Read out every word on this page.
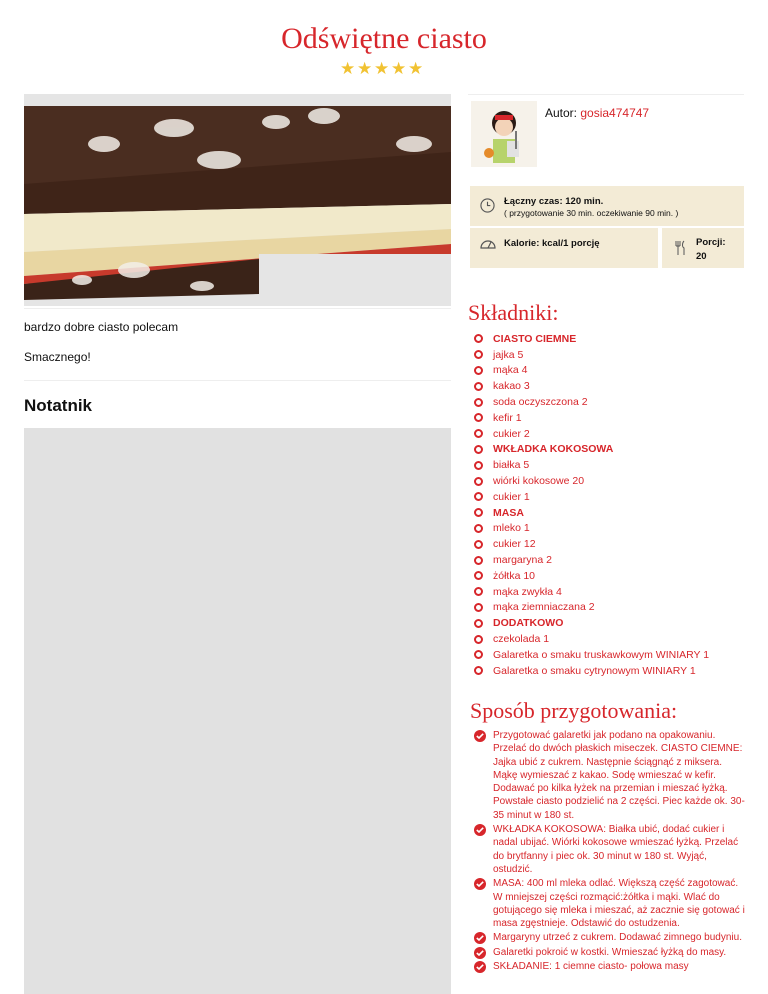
Odświętne ciasto
★ ★ ★ ★ ★
bardzo dobre ciasto polecam
Smacznego!
Notatnik
Autor: gosia474747
Łączny czas: 120 min.
( przygotowanie 30 min. oczekiwanie 90 min. )
Kalorie: kcal/1 porcję	Porcji:
20
Składniki:
CIASTO CIEMNE
jajka 5
mąka 4
kakao 3
soda oczyszczona 2
kefir 1
cukier 2
WKŁADKA KOKOSOWA
białka 5
wiórki kokosowe 20
cukier 1
MASA
mleko 1
cukier 12
margaryna 2
żółtka 10
mąka zwykła 4
mąka ziemniaczana 2
DODATKOWO
czekolada 1
Galaretka o smaku truskawkowym WINIARY 1
Galaretka o smaku cytrynowym WINIARY 1
Sposób przygotowania:
Przygotować galaretki jak podano na opakowaniu. Przelać do dwóch płaskich miseczek. CIASTO CIEMNE: Jajka ubić z cukrem. Następnie ściągnąć z miksera. Mąkę wymieszać z kakao. Sodę wmieszać w kefir. Dodawać po kilka łyżek na przemian i mieszać łyżką. Powstałe ciasto podzielić na 2 części. Piec każde ok. 30-35 minut w 180 st.
WKŁADKA KOKOSOWA: Białka ubić, dodać cukier i nadal ubijać. Wiórki kokosowe wmieszać łyżką. Przelać do brytfanny i piec ok. 30 minut w 180 st. Wyjąć, ostudzić.
MASA: 400 ml mleka odlać. Większą część zagotować. W mniejszej części rozmącić:żółtka i mąki. Wlać do gotującego się mleka i mieszać, aż zacznie się gotować i masa zgęstnieje. Odstawić do ostudzenia.
Margaryny utrzeć z cukrem. Dodawać zimnego budyniu.
Galaretki pokroić w kostki. Wmieszać łyżką do masy.
SKŁADANIE: 1 ciemne ciasto- połowa masy
